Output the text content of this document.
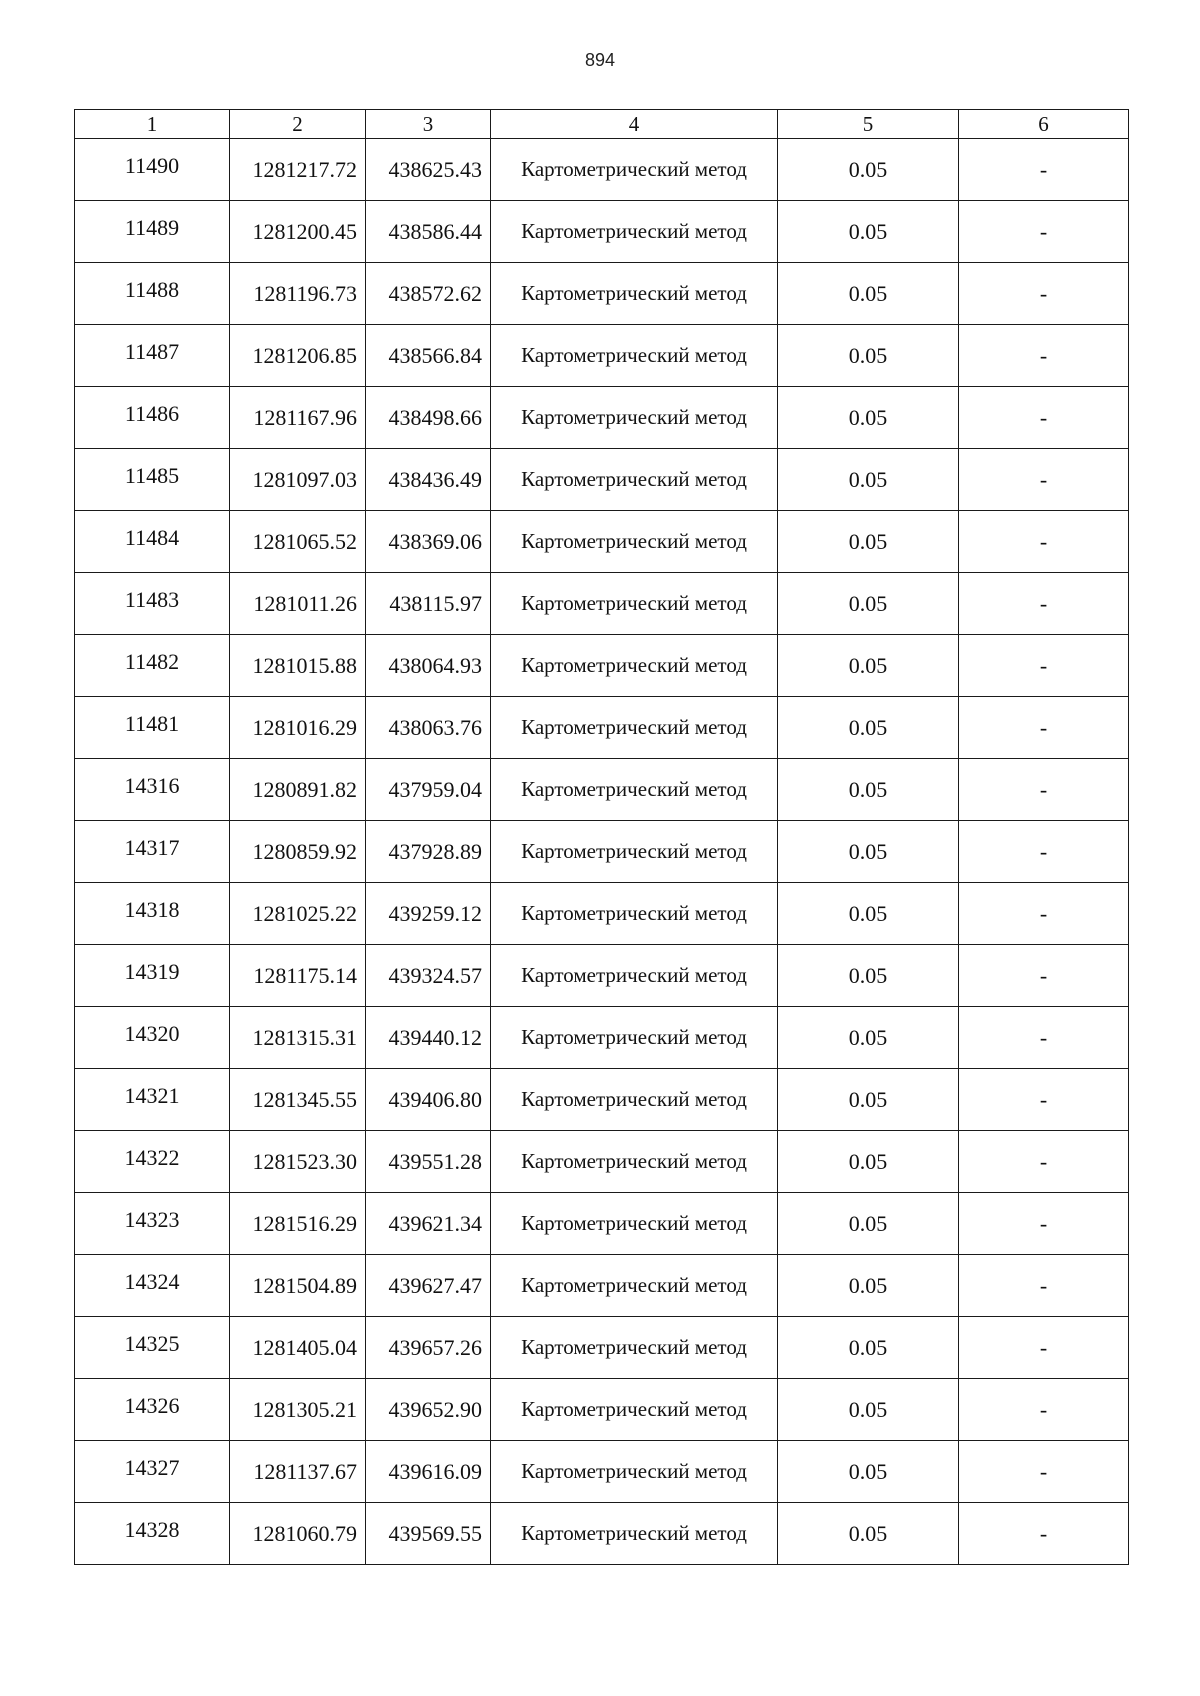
894
1	2	3	4	5	6
11490	1281217.72	438625.43	Картометрический метод	0.05	-
11489	1281200.45	438586.44	Картометрический метод	0.05	-
11488	1281196.73	438572.62	Картометрический метод	0.05	-
11487	1281206.85	438566.84	Картометрический метод	0.05	-
11486	1281167.96	438498.66	Картометрический метод	0.05	-
11485	1281097.03	438436.49	Картометрический метод	0.05	-
11484	1281065.52	438369.06	Картометрический метод	0.05	-
11483	1281011.26	438115.97	Картометрический метод	0.05	-
11482	1281015.88	438064.93	Картометрический метод	0.05	-
11481	1281016.29	438063.76	Картометрический метод	0.05	-
14316	1280891.82	437959.04	Картометрический метод	0.05	-
14317	1280859.92	437928.89	Картометрический метод	0.05	-
14318	1281025.22	439259.12	Картометрический метод	0.05	-
14319	1281175.14	439324.57	Картометрический метод	0.05	-
14320	1281315.31	439440.12	Картометрический метод	0.05	-
14321	1281345.55	439406.80	Картометрический метод	0.05	-
14322	1281523.30	439551.28	Картометрический метод	0.05	-
14323	1281516.29	439621.34	Картометрический метод	0.05	-
14324	1281504.89	439627.47	Картометрический метод	0.05	-
14325	1281405.04	439657.26	Картометрический метод	0.05	-
14326	1281305.21	439652.90	Картометрический метод	0.05	-
14327	1281137.67	439616.09	Картометрический метод	0.05	-
14328	1281060.79	439569.55	Картометрический метод	0.05	-
